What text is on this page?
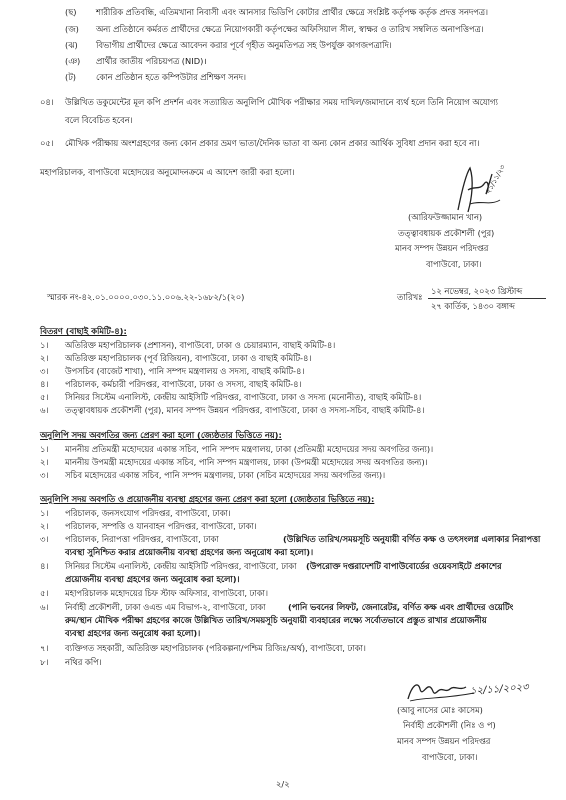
(ছ) শারীরিক প্রতিবন্ধি, এতিমখানা নিবাসী এবং আনসার ভিডিপি কোটার প্রার্থীর ক্ষেত্রে সংশ্লিষ্ট কর্তৃপক্ষ কর্তৃক প্রদত্ত সনদপত্র।
(জ) অন্য প্রতিষ্ঠানে কর্মরত প্রার্থীদের ক্ষেত্রে নিয়োগকারী কর্তৃপক্ষের অফিসিয়াল সীল, স্বাক্ষর ও তারিখ সম্বলিত অনাপত্তিপত্র।
(ঝ) বিভাগীয় প্রার্থীদের ক্ষেত্রে আবেদন করার পূর্বে গৃহীত অনুমতিপত্র সহ উপর্যুক্ত কাগজপত্রাদি।
(ঞ) প্রার্থীর জাতীয় পরিচয়পত্র (NID)।
(ট) কোন প্রতিষ্ঠান হতে কম্পিউটার প্রশিক্ষণ সনদ।
০৪। উল্লিখিত ডকুমেন্টের মূল কপি প্রদর্শন এবং সত্যায়িত অনুলিপি মৌখিক পরীক্ষার সময় দাখিল/জমাদানে ব্যর্থ হলে তিনি নিয়োগ অযোগ্য
বলে বিবেচিত হবেন।
০৫। মৌখিক পরীক্ষায় অংশগ্রহণের জন্য কোন প্রকার ভ্রমণ ভাতা/দৈনিক ভাতা বা অন্য কোন প্রকার আর্থিক সুবিধা প্রদান করা হবে না।
মহাপরিচালক, বাপাউবো মহোদয়ের অনুমোদনক্রমে এ আদেশ জারী করা হলো।	২১/১১/২৩
(আরিফউজ্জামান খান)
তত্ত্বাবধায়ক প্রকৌশলী (পুর)
মানব সম্পদ উন্নয়ন পরিদপ্তর
বাপাউবো, ঢাকা।
স্মারক নং-৪২.০১.০০০০.০৩০.১১.০০৬.২২-১৬৮২/১(২০)	তারিখঃ
১২ নভেম্বর, ২০২৩ খ্রিস্টাব্দ
২৭ কার্তিক, ১৪৩০ বঙ্গাব্দ
বিতরণ (বাছাই কমিটি-৪):
১। অতিরিক্ত মহাপরিচালক (প্রশাসন), বাপাউবো, ঢাকা ও চেয়ারম্যান, বাছাই কমিটি-৪।
২। অতিরিক্ত মহাপরিচালক (পূর্ব রিজিয়ন), বাপাউবো, ঢাকা ও বাছাই কমিটি-৪।
৩। উপসচিব (বাজেট শাখা), পানি সম্পদ মন্ত্রণালয় ও সদস্য, বাছাই কমিটি-৪।
৪। পরিচালক, কর্মচারী পরিদপ্তর, বাপাউবো, ঢাকা ও সদস্য, বাছাই কমিটি-৪।
৫। সিনিয়র সিস্টেম এনালিস্ট, কেন্দ্রীয় আইসিটি পরিদপ্তর, বাপাউবো, ঢাকা ও সদস্য (মনোনীত), বাছাই কমিটি-৪।
৬। তত্ত্বাবধায়ক প্রকৌশলী (পুর), মানব সম্পদ উন্নয়ন পরিদপ্তর, বাপাউবো, ঢাকা ও সদস্য-সচিব, বাছাই কমিটি-৪।
অনুলিপি সদয় অবগতির জন্য প্রেরণ করা হলো (জ্যেষ্ঠতার ভিত্তিতে নয়):
১। মাননীয় প্রতিমন্ত্রী মহোদয়ের একান্ত সচিব, পানি সম্পদ মন্ত্রণালয়, ঢাকা (প্রতিমন্ত্রী মহোদয়ের সদয় অবগতির জন্য)।
২। মাননীয় উপমন্ত্রী মহোদয়ের একান্ত সচিব, পানি সম্পদ মন্ত্রণালয়, ঢাকা (উপমন্ত্রী মহোদয়ের সদয় অবগতির জন্য)।
৩। সচিব মহোদয়ের একান্ত সচিব, পানি সম্পদ মন্ত্রণালয়, ঢাকা (সচিব মহোদয়ের সদয় অবগতির জন্য)।
অনুলিপি সদয় অবগতি ও প্রয়োজনীয় ব্যবস্থা গ্রহণের জন্য প্রেরণ করা হলো (জ্যেষ্ঠতার ভিত্তিতে নয়):
১। পরিচালক, জনসংযোগ পরিদপ্তর, বাপাউবো, ঢাকা।
২। পরিচালক, সম্পত্তি ও যানবাহন পরিদপ্তর, বাপাউবো, ঢাকা।
৩। পরিচালক, নিরাপত্তা পরিদপ্তর, বাপাউবো, ঢাকা	(উল্লিখিত তারিখ/সময়সূচি অনুযায়ী বর্ণিত কক্ষ ও তৎসংলগ্ন এলাকার নিরাপত্তা
ব্যবস্থা সুনিশ্চিত করার প্রয়োজনীয় ব্যবস্থা গ্রহণের জন্য অনুরোধ করা হলো)।
৪। সিনিয়র সিস্টেম এনালিস্ট, কেন্দ্রীয় আইসিটি পরিদপ্তর, বাপাউবো, ঢাকা (উপরোক্ত দপ্তরাদেশটি বাপাউবোর্ডের ওয়েবসাইটে প্রকাশের
প্রয়োজনীয় ব্যবস্থা গ্রহণের জন্য অনুরোধ করা হলো)।
৫। মহাপরিচালক মহোদয়ের চিফ স্টাফ অফিসার, বাপাউবো, ঢাকা।
৬। নির্বাহী প্রকৌশলী, ঢাকা ওএন্ড এম বিভাগ-২, বাপাউবো, ঢাকা	(পানি ভবনের লিফট, জেনারেটর, বর্ণিত কক্ষ এবং প্রার্থীদের ওয়েটিং
রুম/স্থান মৌখিক পরীক্ষা গ্রহণের কাজে উল্লিখিত তারিখ/সময়সূচি অনুযায়ী ব্যবহারের লক্ষ্যে সর্বোতভাবে প্রস্তুত রাখার প্রয়োজনীয়
ব্যবস্থা গ্রহণের জন্য অনুরোধ করা হলো)।
৭। ব্যক্তিগত সহকারী, অতিরিক্ত মহাপরিচালক (পরিকল্পনা/পশ্চিম রিজিঃ/অর্থ), বাপাউবো, ঢাকা।
৮। নথির কপি।
১২/১১/২০২৩
(আবু নাসের মোঃ কাসেম)
নির্বাহী প্রকৌশলী (নিঃ ও প)
মানব সম্পদ উন্নয়ন পরিদপ্তর
বাপাউবো, ঢাকা।
২/২
